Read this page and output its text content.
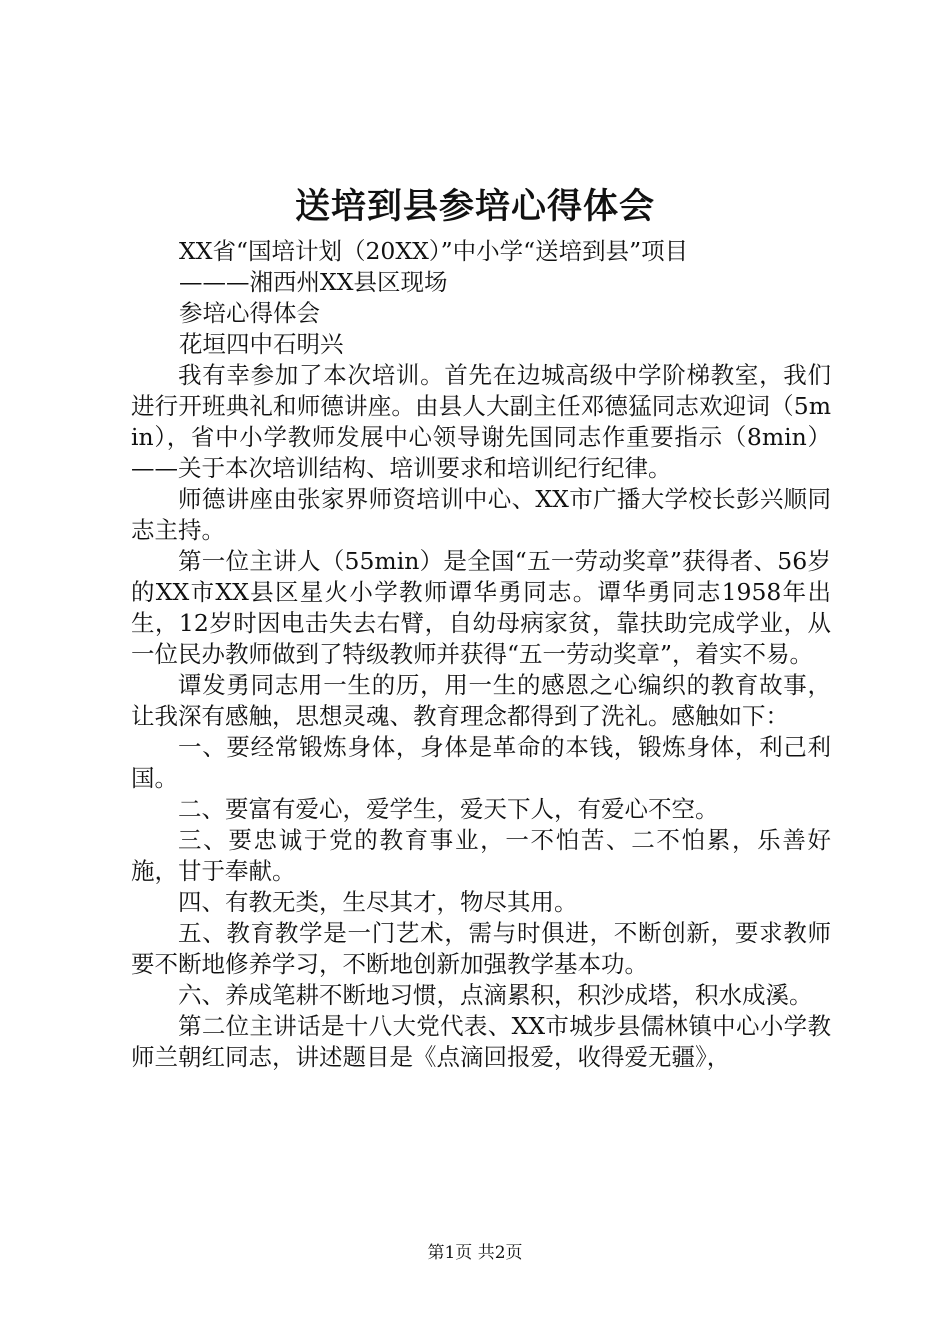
送培到县参培心得体会

XX省“国培计划（20XX）”中小学“送培到县”项目

———湘西州XX县区现场

参培心得体会

花垣四中石明兴

我有幸参加了本次培训。首先在边城高级中学阶梯教室，我们进行开班典礼和师德讲座。由县人大副主任邓德猛同志欢迎词（5min），省中小学教师发展中心领导谢先国同志作重要指示（8min）——关于本次培训结构、培训要求和培训纪行纪律。

师德讲座由张家界师资培训中心、XX市广播大学校长彭兴顺同志主持。

第一位主讲人（55min）是全国“五一劳动奖章”获得者、56岁的XX市XX县区星火小学教师谭华勇同志。谭华勇同志1958年出生，12岁时因电击失去右臂，自幼母病家贫，靠扶助完成学业，从一位民办教师做到了特级教师并获得“五一劳动奖章”，着实不易。

谭发勇同志用一生的历，用一生的感恩之心编织的教育故事，让我深有感触，思想灵魂、教育理念都得到了洗礼。感触如下：

一、要经常锻炼身体，身体是革命的本钱，锻炼身体，利己利国。

二、要富有爱心，爱学生，爱天下人，有爱心不空。

三、要忠诚于党的教育事业，一不怕苦、二不怕累，乐善好施，甘于奉献。

四、有教无类，生尽其才，物尽其用。

五、教育教学是一门艺术，需与时俱进，不断创新，要求教师要不断地修养学习，不断地创新加强教学基本功。

六、养成笔耕不断地习惯，点滴累积，积沙成塔，积水成溪。

第二位主讲话是十八大党代表、XX市城步县儒林镇中心小学教师兰朝红同志，讲述题目是《点滴回报爱，收得爱无疆》，

第1页 共2页
